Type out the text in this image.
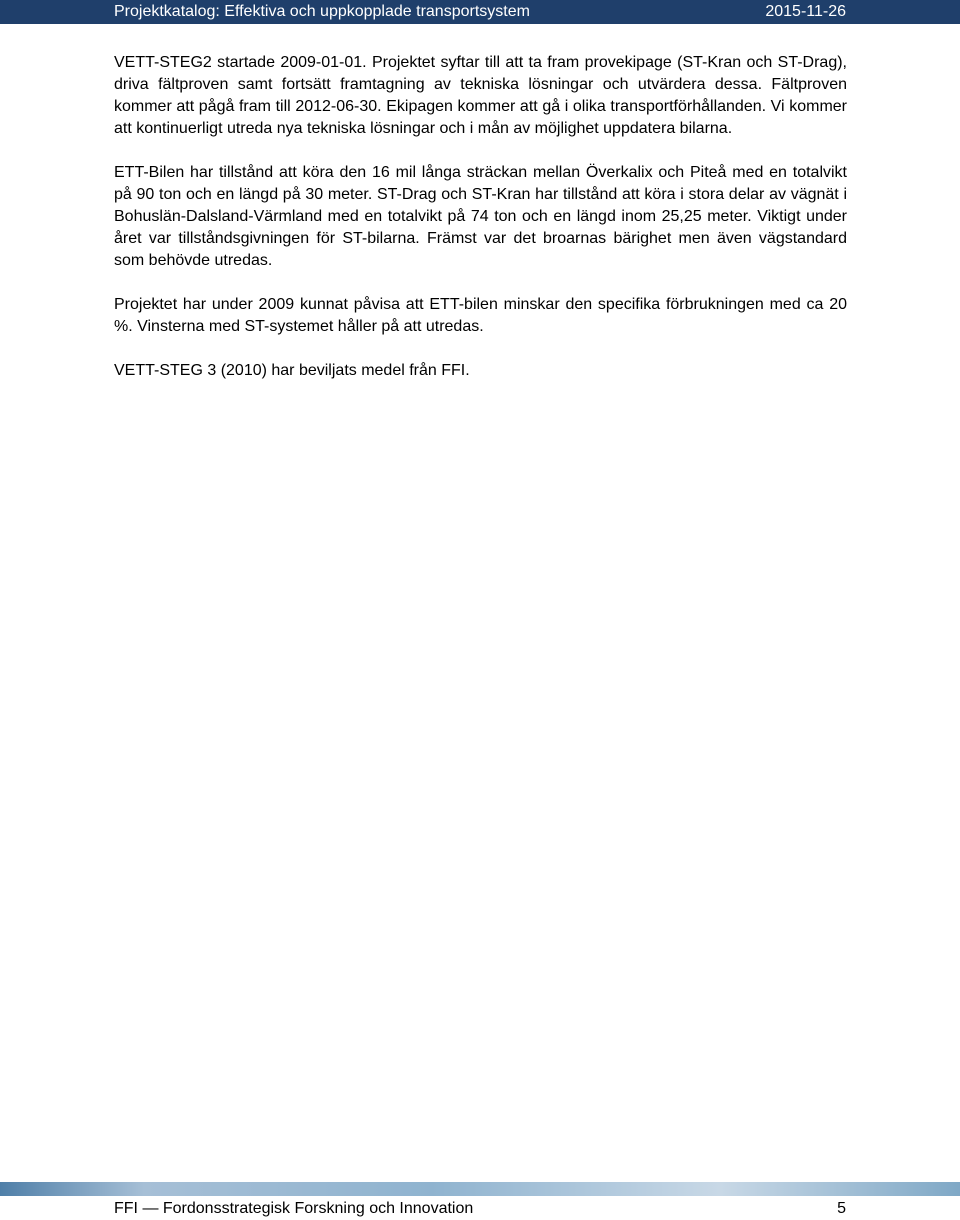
Projektkatalog: Effektiva och uppkopplade transportsystem	2015-11-26

VETT-STEG2 startade 2009-01-01. Projektet syftar till att ta fram provekipage (ST-Kran och ST-Drag), driva fältproven samt fortsätt framtagning av tekniska lösningar och utvärdera dessa. Fältproven kommer att pågå fram till 2012-06-30. Ekipagen kommer att gå i olika transportförhållanden. Vi kommer att kontinuerligt utreda nya tekniska lösningar och i mån av möjlighet uppdatera bilarna.

ETT-Bilen har tillstånd att köra den 16 mil långa sträckan mellan Överkalix och Piteå med en totalvikt på 90 ton och en längd på 30 meter. ST-Drag och ST-Kran har tillstånd att köra i stora delar av vägnät i Bohuslän-Dalsland-Värmland med en totalvikt på 74 ton och en längd inom 25,25 meter. Viktigt under året var tillståndsgivningen för ST-bilarna. Främst var det broarnas bärighet men även vägstandard som behövde utredas.

Projektet har under 2009 kunnat påvisa att ETT-bilen minskar den specifika förbrukningen med ca 20 %. Vinsterna med ST-systemet håller på att utredas.

VETT-STEG 3 (2010) har beviljats medel från FFI.

FFI — Fordonsstrategisk Forskning och Innovation	5
